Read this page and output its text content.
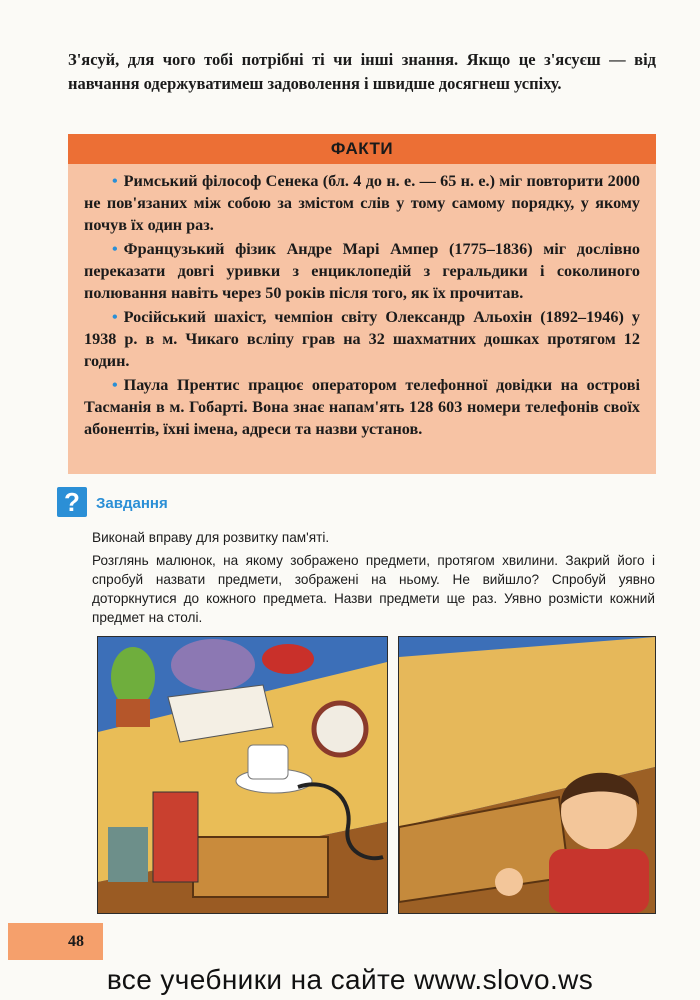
З'ясуй, для чого тобі потрібні ті чи інші знання. Якщо це з'ясуєш — від навчання одержуватимеш задоволення і швидше досягнеш успіху.
ФАКТИ
• Римський філософ Сенека (бл. 4 до н. е. — 65 н. е.) міг повторити 2000 не пов'язаних між собою за змістом слів у тому самому порядку, у якому почув їх один раз.
• Французький фізик Андре Марі Ампер (1775–1836) міг дослівно переказати довгі уривки з енциклопедій з геральдики і соколиного полювання навіть через 50 років після того, як їх прочитав.
• Російський шахіст, чемпіон світу Олександр Альохін (1892–1946) у 1938 р. в м. Чикаго всліпу грав на 32 шахматних дошках протягом 12 годин.
• Паула Прентис працює оператором телефонної довідки на острові Тасманія в м. Гобарті. Вона знає напам'ять 128 603 номери телефонів своїх абонентів, їхні імена, адреси та назви установ.
?	Завдання

Виконай вправу для розвитку пам'яті.

Розглянь малюнок, на якому зображено предмети, протягом хвилини. Закрий його і спробуй назвати предмети, зображені на ньому. Не вийшло? Спробуй уявно доторкнутися до кожного предмета. Назви предмети ще раз. Уявно розмісти кожний предмет на столі.

48
все учебники на сайте www.slovo.ws
